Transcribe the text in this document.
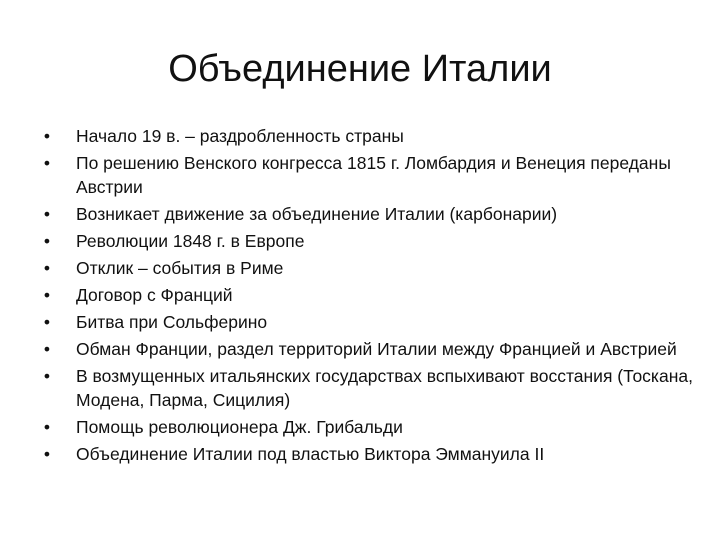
Объединение Италии
• Начало 19 в. – раздробленность страны
• По решению Венского конгресса 1815 г. Ломбардия и Венеция переданы Австрии
• Возникает движение за объединение Италии (карбонарии)
• Революции 1848 г. в Европе
• Отклик – события в Риме
• Договор с Франций
• Битва при Сольферино
• Обман Франции, раздел территорий Италии между Францией и Австрией
• В возмущенных итальянских государствах вспыхивают восстания (Тоскана, Модена, Парма, Сицилия)
• Помощь революционера Дж. Грибальди
• Объединение Италии под властью Виктора Эммануила II
